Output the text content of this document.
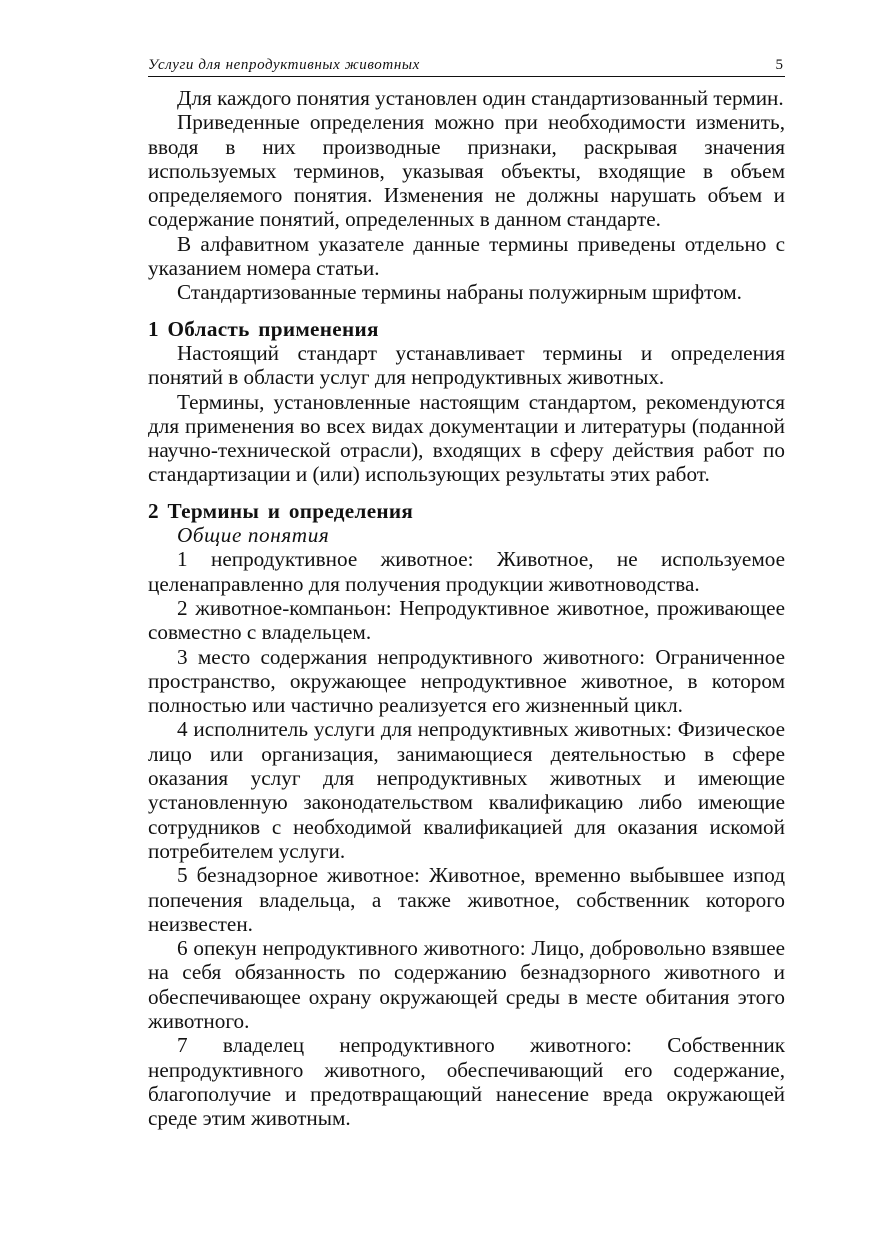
Услуги для непродуктивных животных	5

Для каждого понятия установлен один стандартизованный термин.

Приведенные определения можно при необходимости изменить, вводя в них производные признаки, раскрывая значения используемых терминов, указывая объекты, входящие в объем определяемого понятия. Изменения не должны нарушать объем и содержание понятий, определенных в данном стандарте.

В алфавитном указателе данные термины приведены отдельно с указанием номера статьи.

Стандартизованные термины набраны полужирным шрифтом.

1 Область применения

Настоящий стандарт устанавливает термины и определения понятий в области услуг для непродуктивных животных.

Термины, установленные настоящим стандартом, рекомендуются для применения во всех видах документации и литературы (поданной научно-технической отрасли), входящих в сферу действия работ по стандартизации и (или) использующих результаты этих работ.

2 Термины и определения

Общие понятия

1 непродуктивное животное: Животное, не используемое целенаправленно для получения продукции животноводства.

2 животное-компаньон: Непродуктивное животное, проживающее совместно с владельцем.

3 место содержания непродуктивного животного: Ограниченное пространство, окружающее непродуктивное животное, в котором полностью или частично реализуется его жизненный цикл.

4 исполнитель услуги для непродуктивных животных: Физическое лицо или организация, занимающиеся деятельностью в сфере оказания услуг для непродуктивных животных и имеющие установленную законодательством квалификацию либо имеющие сотрудников с необходимой квалификацией для оказания искомой потребителем услуги.

5 безнадзорное животное: Животное, временно выбывшее изпод попечения владельца, а также животное, собственник которого неизвестен.

6 опекун непродуктивного животного: Лицо, добровольно взявшее на себя обязанность по содержанию безнадзорного животного и обеспечивающее охрану окружающей среды в месте обитания этого животного.

7 владелец непродуктивного животного: Собственник непродуктивного животного, обеспечивающий его содержание, благополучие и предотвращающий нанесение вреда окружающей среде этим животным.
